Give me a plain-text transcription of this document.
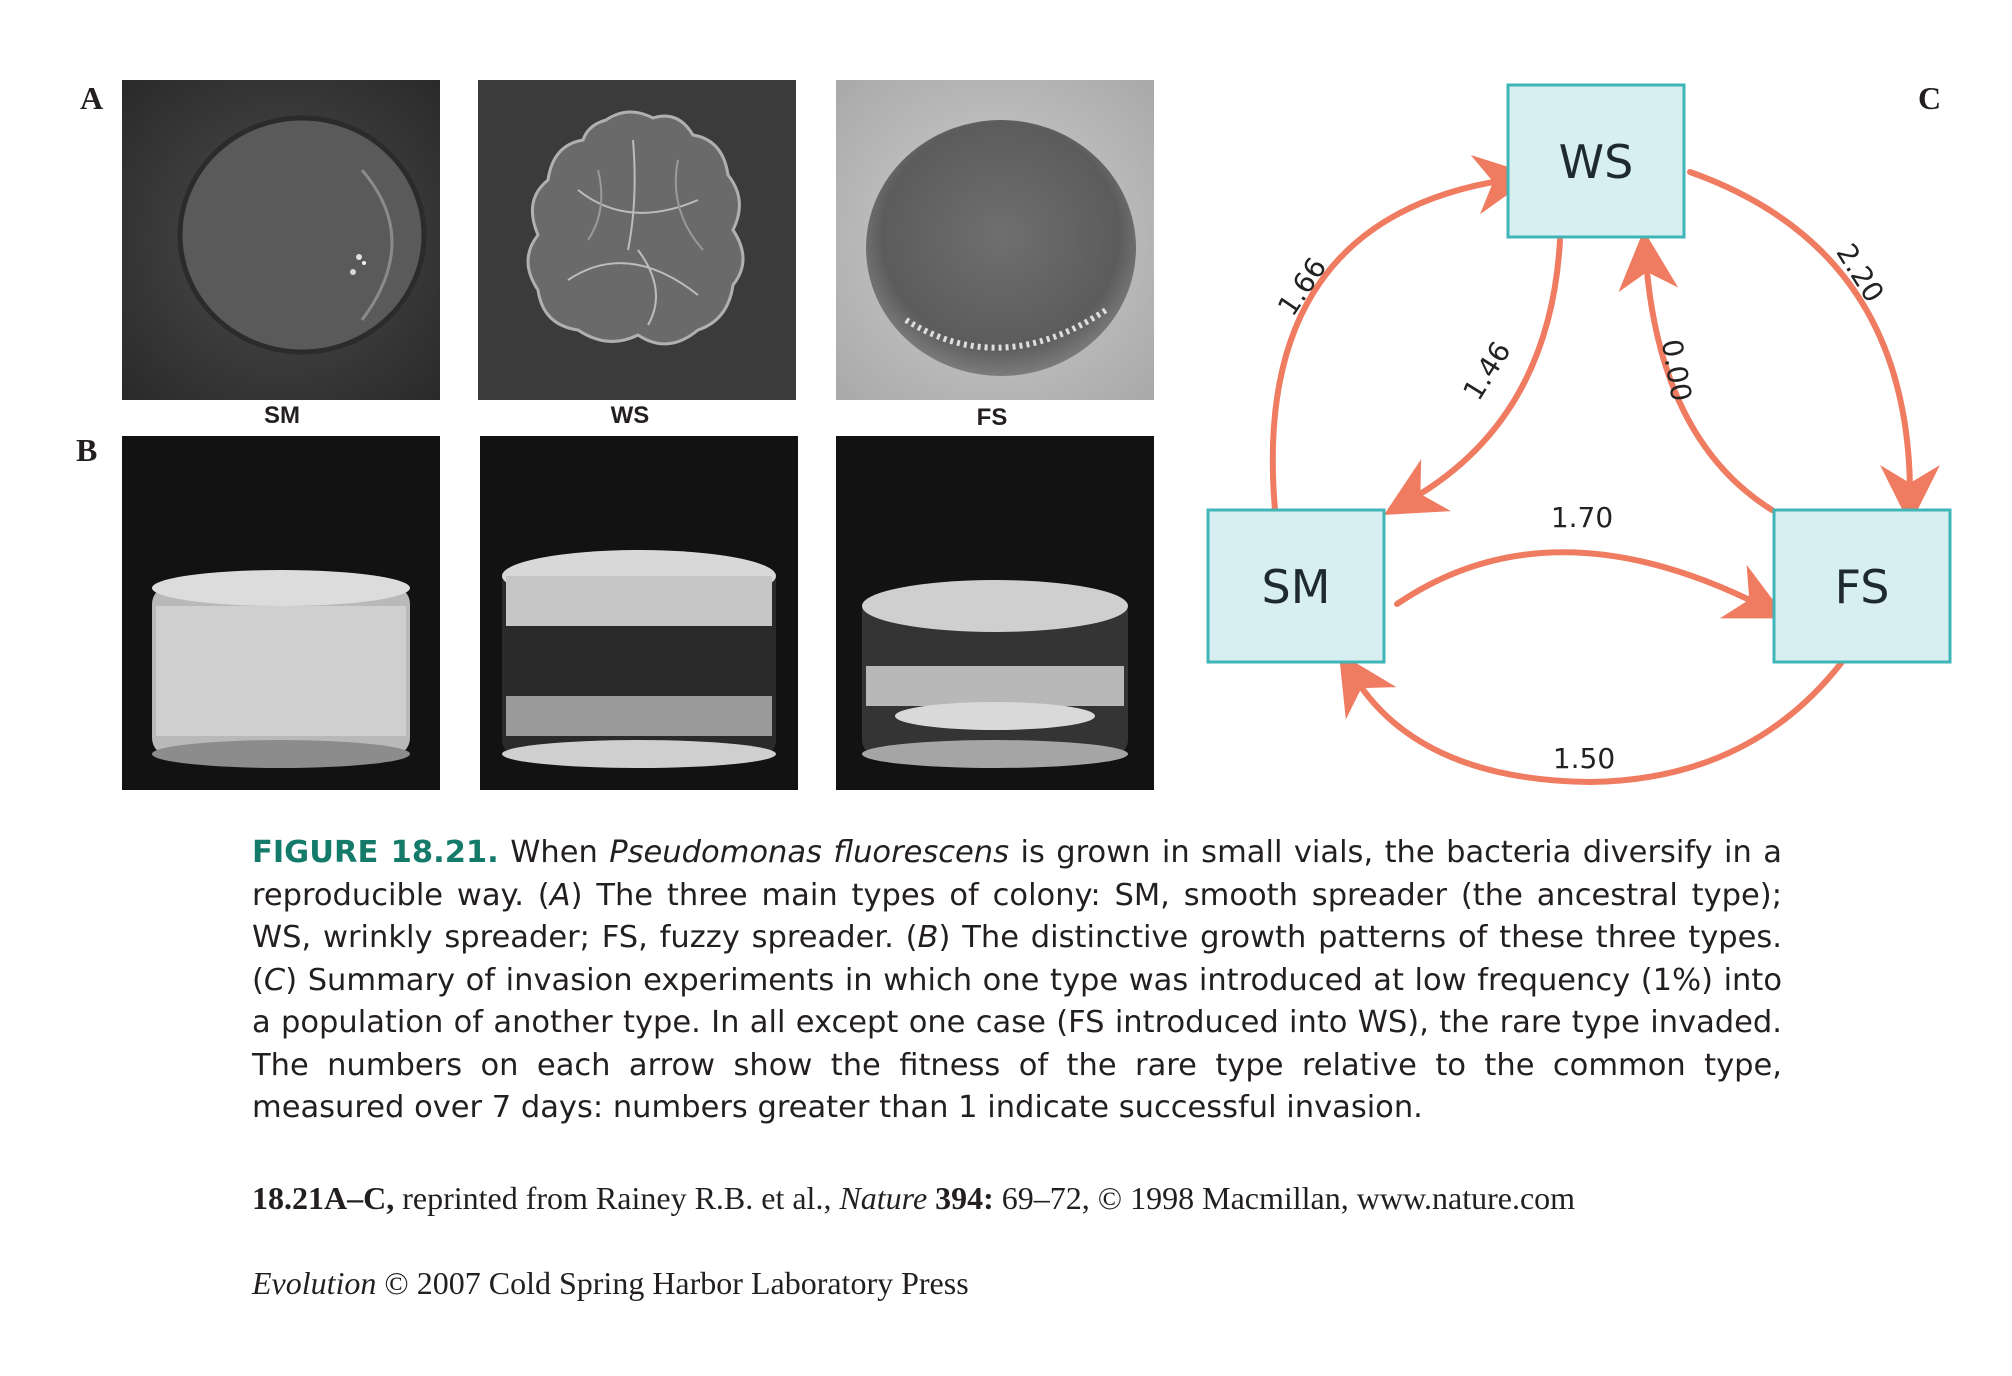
A
B
C
SM	WS	FS
WS
SM	FS
1.66
1.46
2.20
0.00
1.70
1.50
FIGURE 18.21. When Pseudomonas fluorescens is grown in small vials, the bacteria diversify in a reproducible way. (A) The three main types of colony: SM, smooth spreader (the ancestral type); WS, wrinkly spreader; FS, fuzzy spreader. (B) The distinctive growth patterns of these three types. (C) Summary of invasion experiments in which one type was introduced at low frequency (1%) into a population of another type. In all except one case (FS introduced into WS), the rare type invaded. The numbers on each arrow show the fitness of the rare type relative to the common type, measured over 7 days: numbers greater than 1 indicate successful invasion.
18.21A–C, reprinted from Rainey R.B. et al., Nature 394: 69–72, © 1998 Macmillan, www.nature.com
Evolution © 2007 Cold Spring Harbor Laboratory Press
